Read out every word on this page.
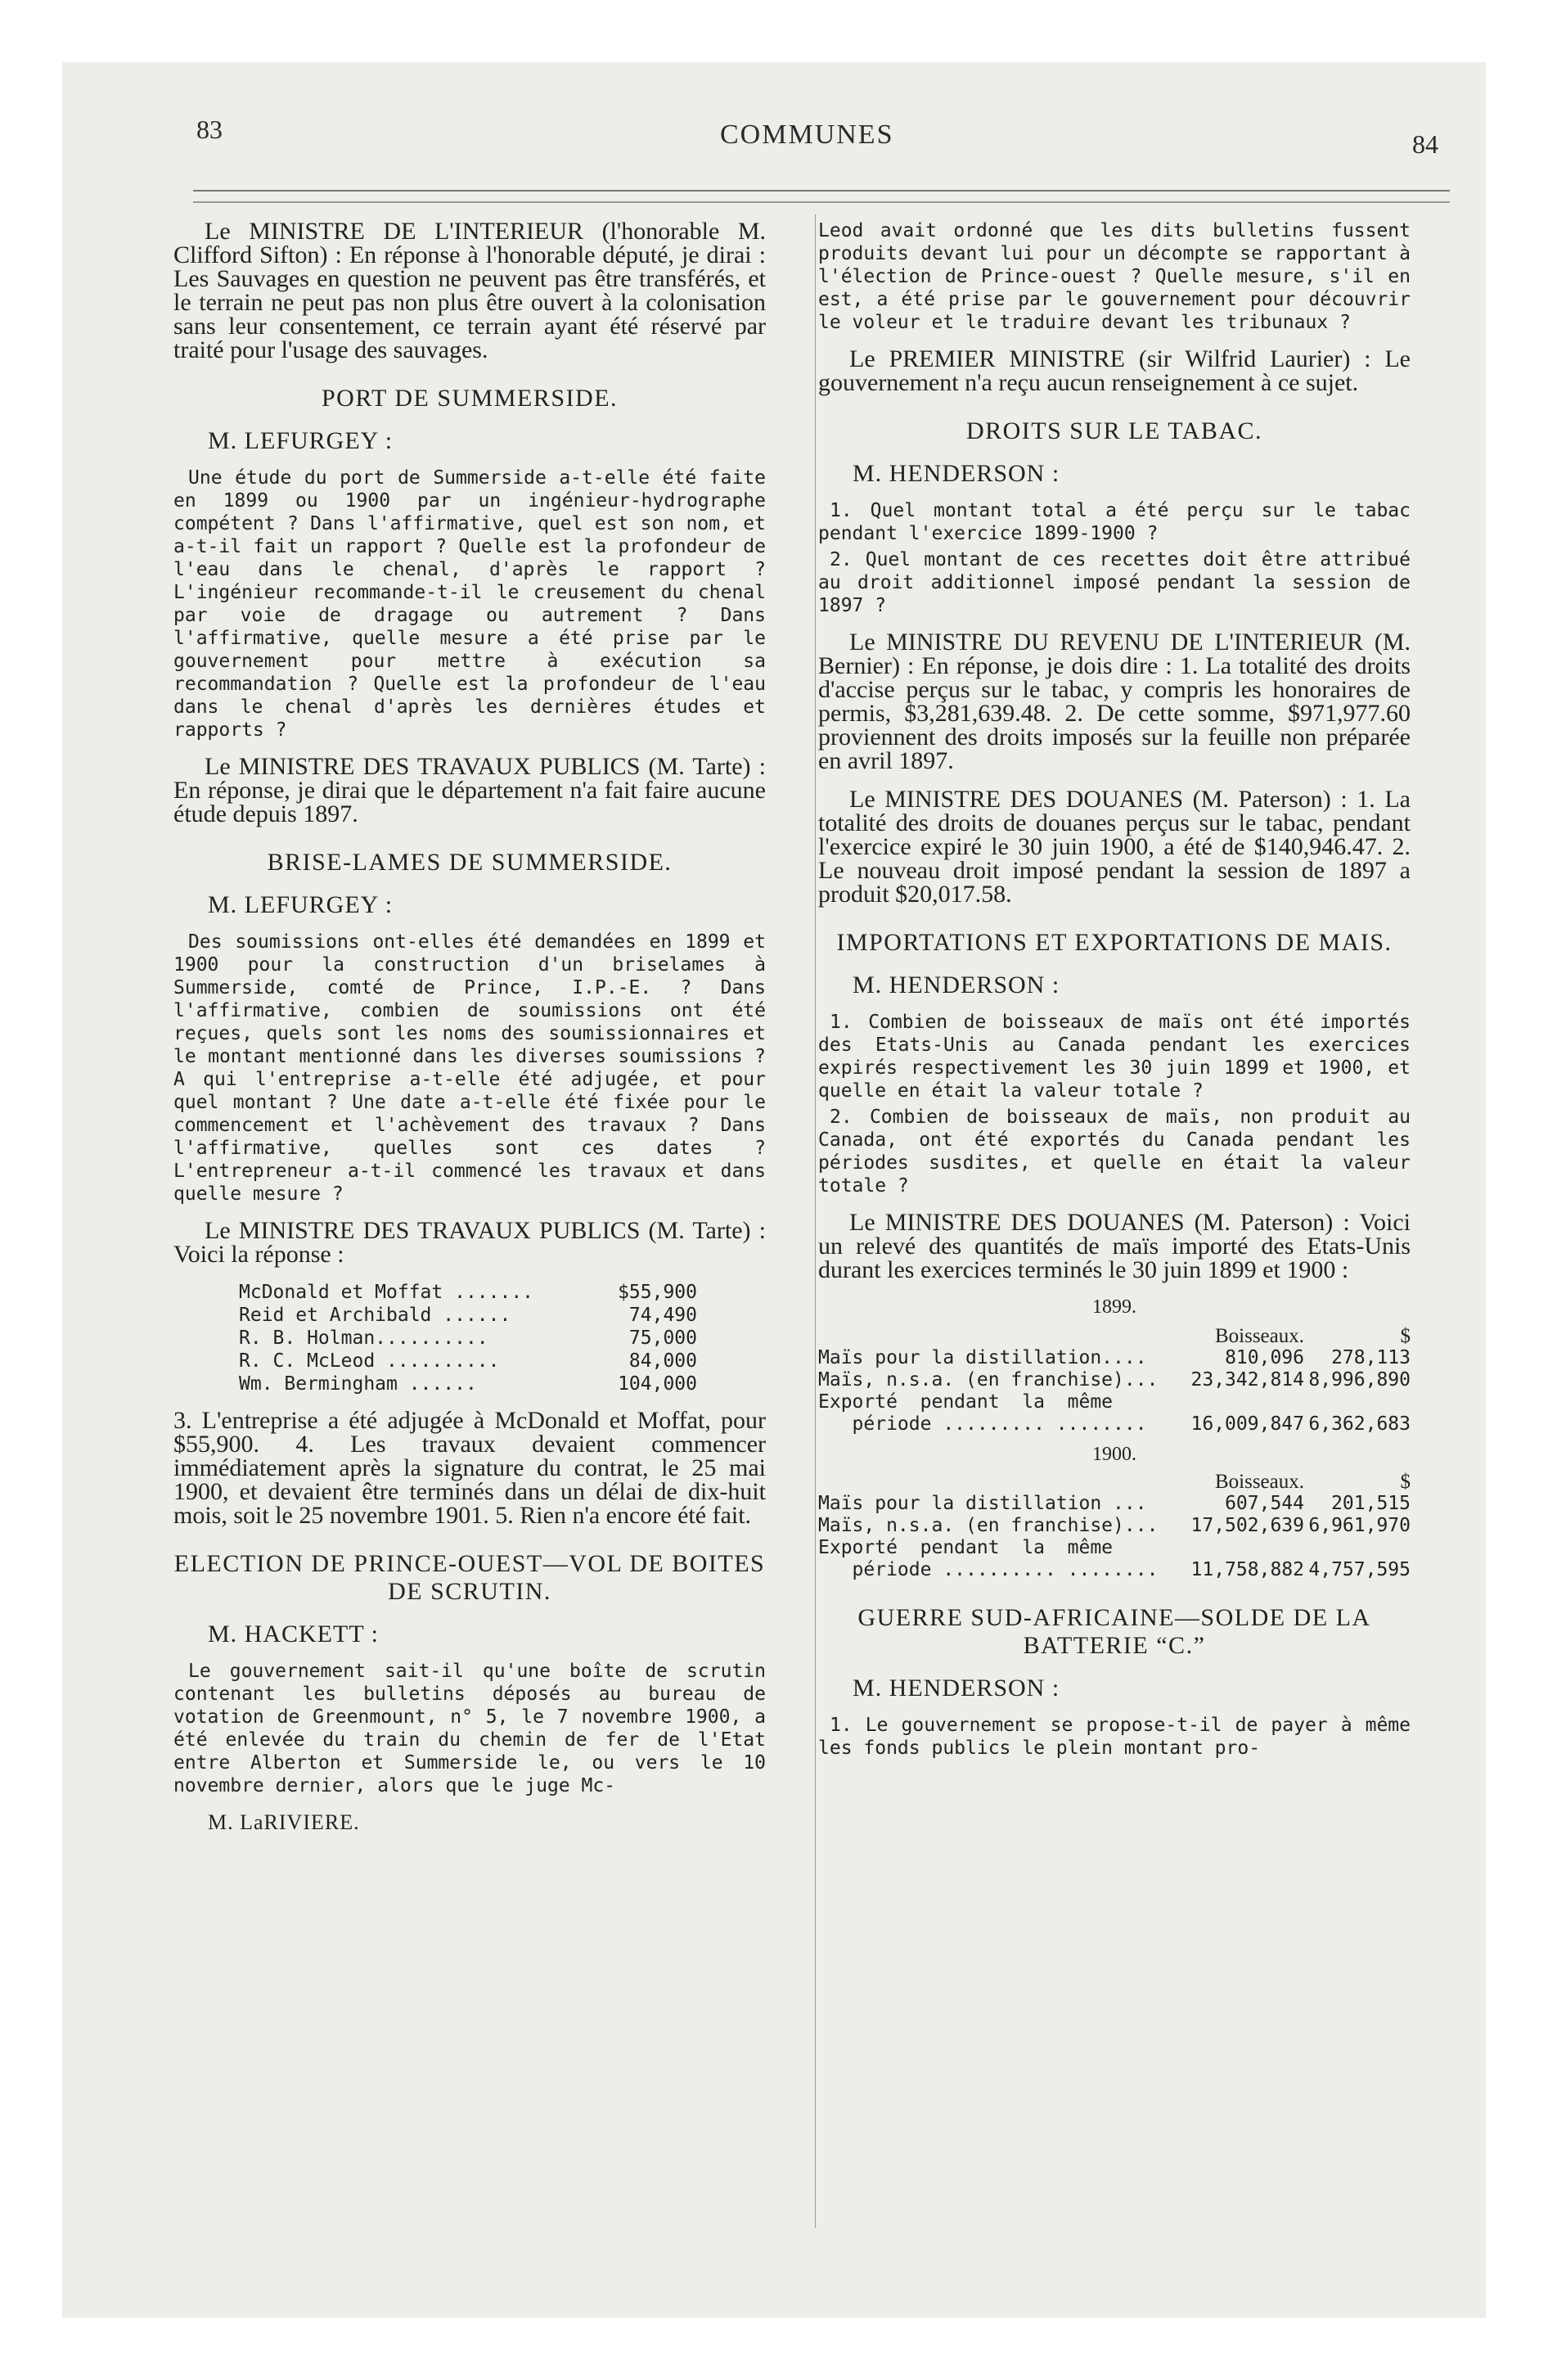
83	COMMUNES	84

Le MINISTRE DE L'INTERIEUR (l'honorable M. Clifford Sifton) : En réponse à l'honorable député, je dirai : Les Sauvages en question ne peuvent pas être transférés, et le terrain ne peut pas non plus être ouvert à la colonisation sans leur consentement, ce terrain ayant été réservé par traité pour l'usage des sauvages.

PORT DE SUMMERSIDE.

M. LEFURGEY :

Une étude du port de Summerside a-t-elle été faite en 1899 ou 1900 par un ingénieur-hydrographe compétent ? Dans l'affirmative, quel est son nom, et a-t-il fait un rapport ? Quelle est la profondeur de l'eau dans le chenal, d'après le rapport ? L'ingénieur recommande-t-il le creusement du chenal par voie de dragage ou autrement ? Dans l'affirmative, quelle mesure a été prise par le gouvernement pour mettre à exécution sa recommandation ? Quelle est la profondeur de l'eau dans le chenal d'après les dernières études et rapports ?

Le MINISTRE DES TRAVAUX PUBLICS (M. Tarte) : En réponse, je dirai que le département n'a fait faire aucune étude depuis 1897.

BRISE-LAMES DE SUMMERSIDE.

M. LEFURGEY :

Des soumissions ont-elles été demandées en 1899 et 1900 pour la construction d'un briselames à Summerside, comté de Prince, I.P.-E. ? Dans l'affirmative, combien de soumissions ont été reçues, quels sont les noms des soumissionnaires et le montant mentionné dans les diverses soumissions ? A qui l'entreprise a-t-elle été adjugée, et pour quel montant ? Une date a-t-elle été fixée pour le commencement et l'achèvement des travaux ? Dans l'affirmative, quelles sont ces dates ? L'entrepreneur a-t-il commencé les travaux et dans quelle mesure ?

Le MINISTRE DES TRAVAUX PUBLICS (M. Tarte) : Voici la réponse :

McDonald et Moffat .......	$55,900
Reid et Archibald ......	74,490
R. B. Holman..........	75,000
R. C. McLeod ..........	84,000
Wm. Bermingham ......	104,000

3. L'entreprise a été adjugée à McDonald et Moffat, pour $55,900. 4. Les travaux devaient commencer immédiatement après la signature du contrat, le 25 mai 1900, et devaient être terminés dans un délai de dix-huit mois, soit le 25 novembre 1901. 5. Rien n'a encore été fait.

ELECTION DE PRINCE-OUEST—VOL DE BOITES DE SCRUTIN.

M. HACKETT :

Le gouvernement sait-il qu'une boîte de scrutin contenant les bulletins déposés au bureau de votation de Greenmount, n° 5, le 7 novembre 1900, a été enlevée du train du chemin de fer de l'Etat entre Alberton et Summerside le, ou vers le 10 novembre dernier, alors que le juge Mc-

M. LaRIVIERE.

Leod avait ordonné que les dits bulletins fussent produits devant lui pour un décompte se rapportant à l'élection de Prince-ouest ? Quelle mesure, s'il en est, a été prise par le gouvernement pour découvrir le voleur et le traduire devant les tribunaux ?

Le PREMIER MINISTRE (sir Wilfrid Laurier) : Le gouvernement n'a reçu aucun renseignement à ce sujet.

DROITS SUR LE TABAC.

M. HENDERSON :

1. Quel montant total a été perçu sur le tabac pendant l'exercice 1899-1900 ?

2. Quel montant de ces recettes doit être attribué au droit additionnel imposé pendant la session de 1897 ?

Le MINISTRE DU REVENU DE L'INTERIEUR (M. Bernier) : En réponse, je dois dire : 1. La totalité des droits d'accise perçus sur le tabac, y compris les honoraires de permis, $3,281,639.48. 2. De cette somme, $971,977.60 proviennent des droits imposés sur la feuille non préparée en avril 1897.

Le MINISTRE DES DOUANES (M. Paterson) : 1. La totalité des droits de douanes perçus sur le tabac, pendant l'exercice expiré le 30 juin 1900, a été de $140,946.47. 2. Le nouveau droit imposé pendant la session de 1897 a produit $20,017.58.

IMPORTATIONS ET EXPORTATIONS DE MAIS.

M. HENDERSON :

1. Combien de boisseaux de maïs ont été importés des Etats-Unis au Canada pendant les exercices expirés respectivement les 30 juin 1899 et 1900, et quelle en était la valeur totale ?

2. Combien de boisseaux de maïs, non produit au Canada, ont été exportés du Canada pendant les périodes susdites, et quelle en était la valeur totale ?

Le MINISTRE DES DOUANES (M. Paterson) : Voici un relevé des quantités de maïs importé des Etats-Unis durant les exercices terminés le 30 juin 1899 et 1900 :

1899.
Boisseaux.	$
Maïs pour la distillation....	810,096	278,113
Maïs, n.s.a. (en franchise)...	23,342,814 8,996,890
Exporté  pendant  la  même
période ......... ........	16,009,847 6,362,683
1900.
Boisseaux.	$
Maïs pour la distillation ...	607,544	201,515
Maïs, n.s.a. (en franchise)...	17,502,639 6,961,970
Exporté  pendant  la  même
période .......... ........	11,758,882 4,757,595

GUERRE SUD-AFRICAINE—SOLDE DE LA BATTERIE “C.”

M. HENDERSON :

1. Le gouvernement se propose-t-il de payer à même les fonds publics le plein montant pro-
